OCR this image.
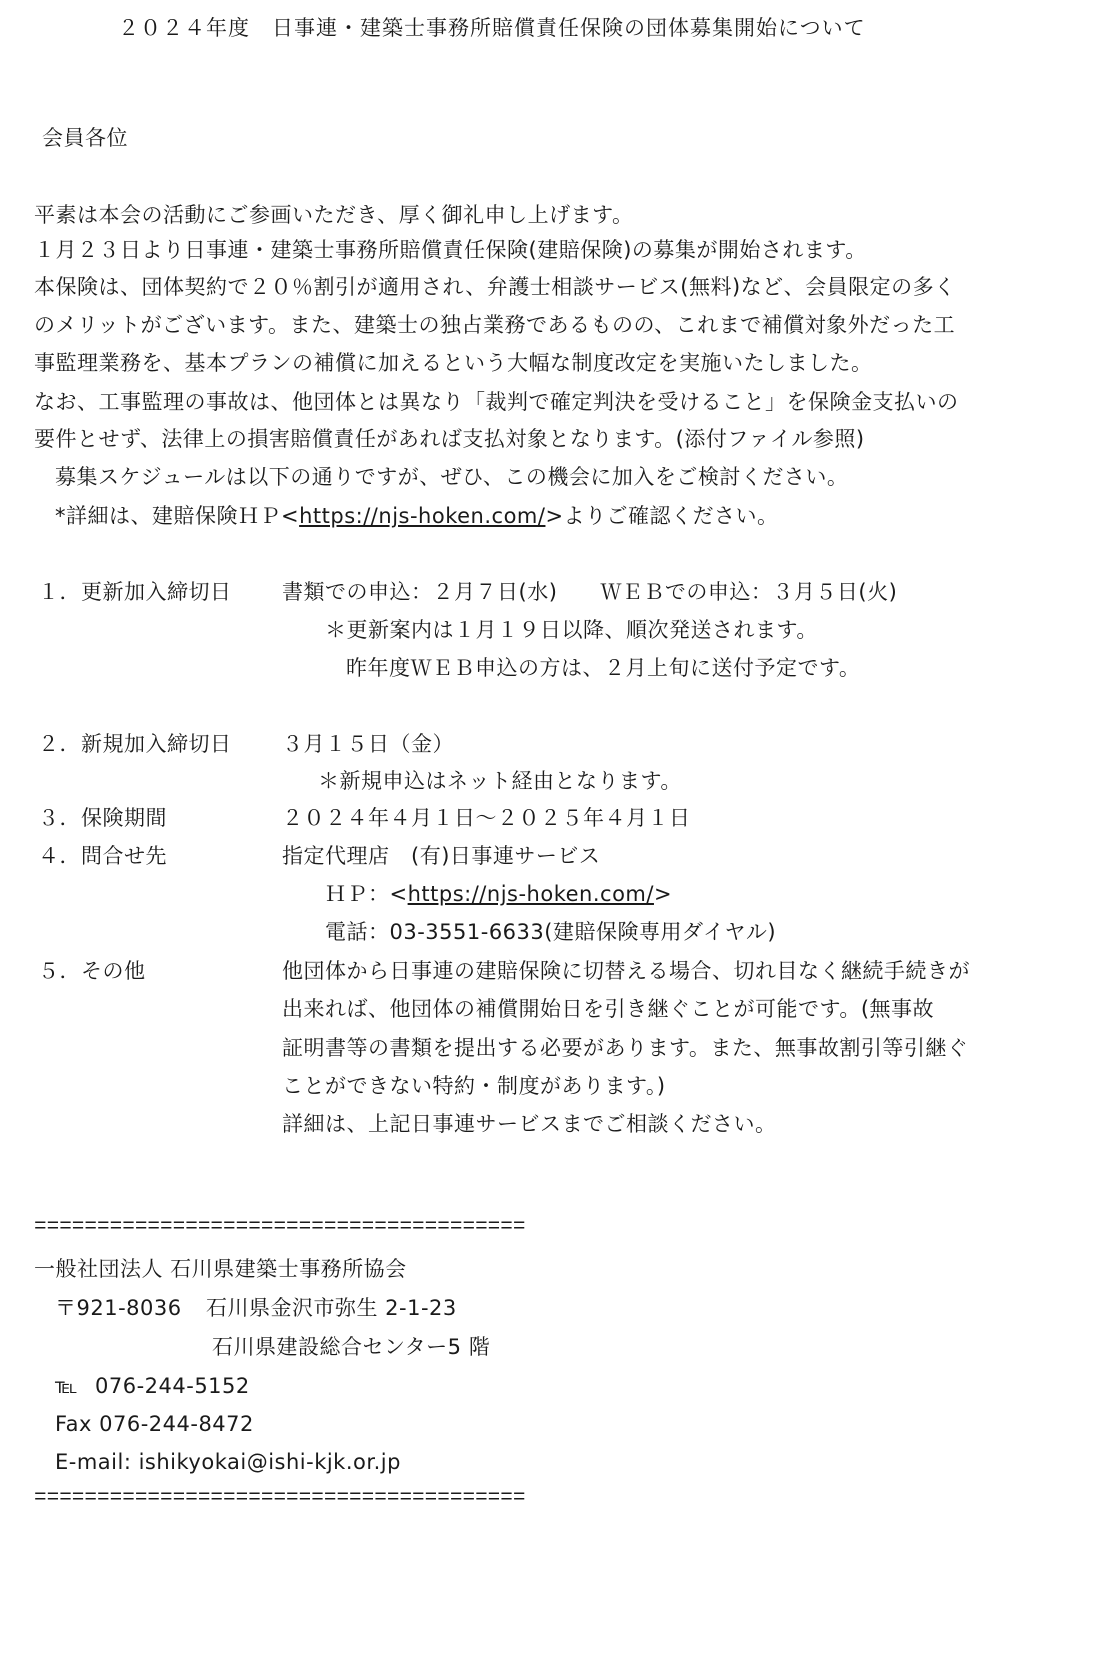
２０２４年度　日事連・建築士事務所賠償責任保険の団体募集開始について
会員各位
平素は本会の活動にご参画いただき、厚く御礼申し上げます。
１月２３日より日事連・建築士事務所賠償責任保険(建賠保険)の募集が開始されます。
本保険は、団体契約で２０％割引が適用され、弁護士相談サービス(無料)など、会員限定の多く
のメリットがございます。また、建築士の独占業務であるものの、これまで補償対象外だった工
事監理業務を、基本プランの補償に加えるという大幅な制度改定を実施いたしました。
なお、工事監理の事故は、他団体とは異なり「裁判で確定判決を受けること」を保険金支払いの
要件とせず、法律上の損害賠償責任があれば支払対象となります。(添付ファイル参照)
募集スケジュールは以下の通りですが、ぜひ、この機会に加入をご検討ください。
*詳細は、建賠保険ＨＰ<https://njs-hoken.com/>よりご確認ください。
１．更新加入締切日 書類での申込：２月７日(水)　　ＷＥＢでの申込：３月５日(火)
＊更新案内は１月１９日以降、順次発送されます。
昨年度ＷＥＢ申込の方は、２月上旬に送付予定です。
２．新規加入締切日 ３月１５日（金）
＊新規申込はネット経由となります。
３．保険期間	２０２４年４月１日～２０２５年４月１日
４．問合せ先	指定代理店　(有)日事連サービス
ＨＰ：<https://njs-hoken.com/>
電話：03-3551-6633(建賠保険専用ダイヤル)
５．その他	他団体から日事連の建賠保険に切替える場合、切れ目なく継続手続きが
出来れば、他団体の補償開始日を引き継ぐことが可能です。(無事故
証明書等の書類を提出する必要があります。また、無事故割引等引継ぐ
ことができない特約・制度があります。)
詳細は、上記日事連サービスまでご相談ください。
=======================================
一般社団法人 石川県建築士事務所協会
〒921-8036 石川県金沢市弥生 2-1-23
石川県建設総合センター5 階
℡ 076-244-5152
Fax 076-244-8472
E-mail: ishikyokai@ishi-kjk.or.jp
=======================================
